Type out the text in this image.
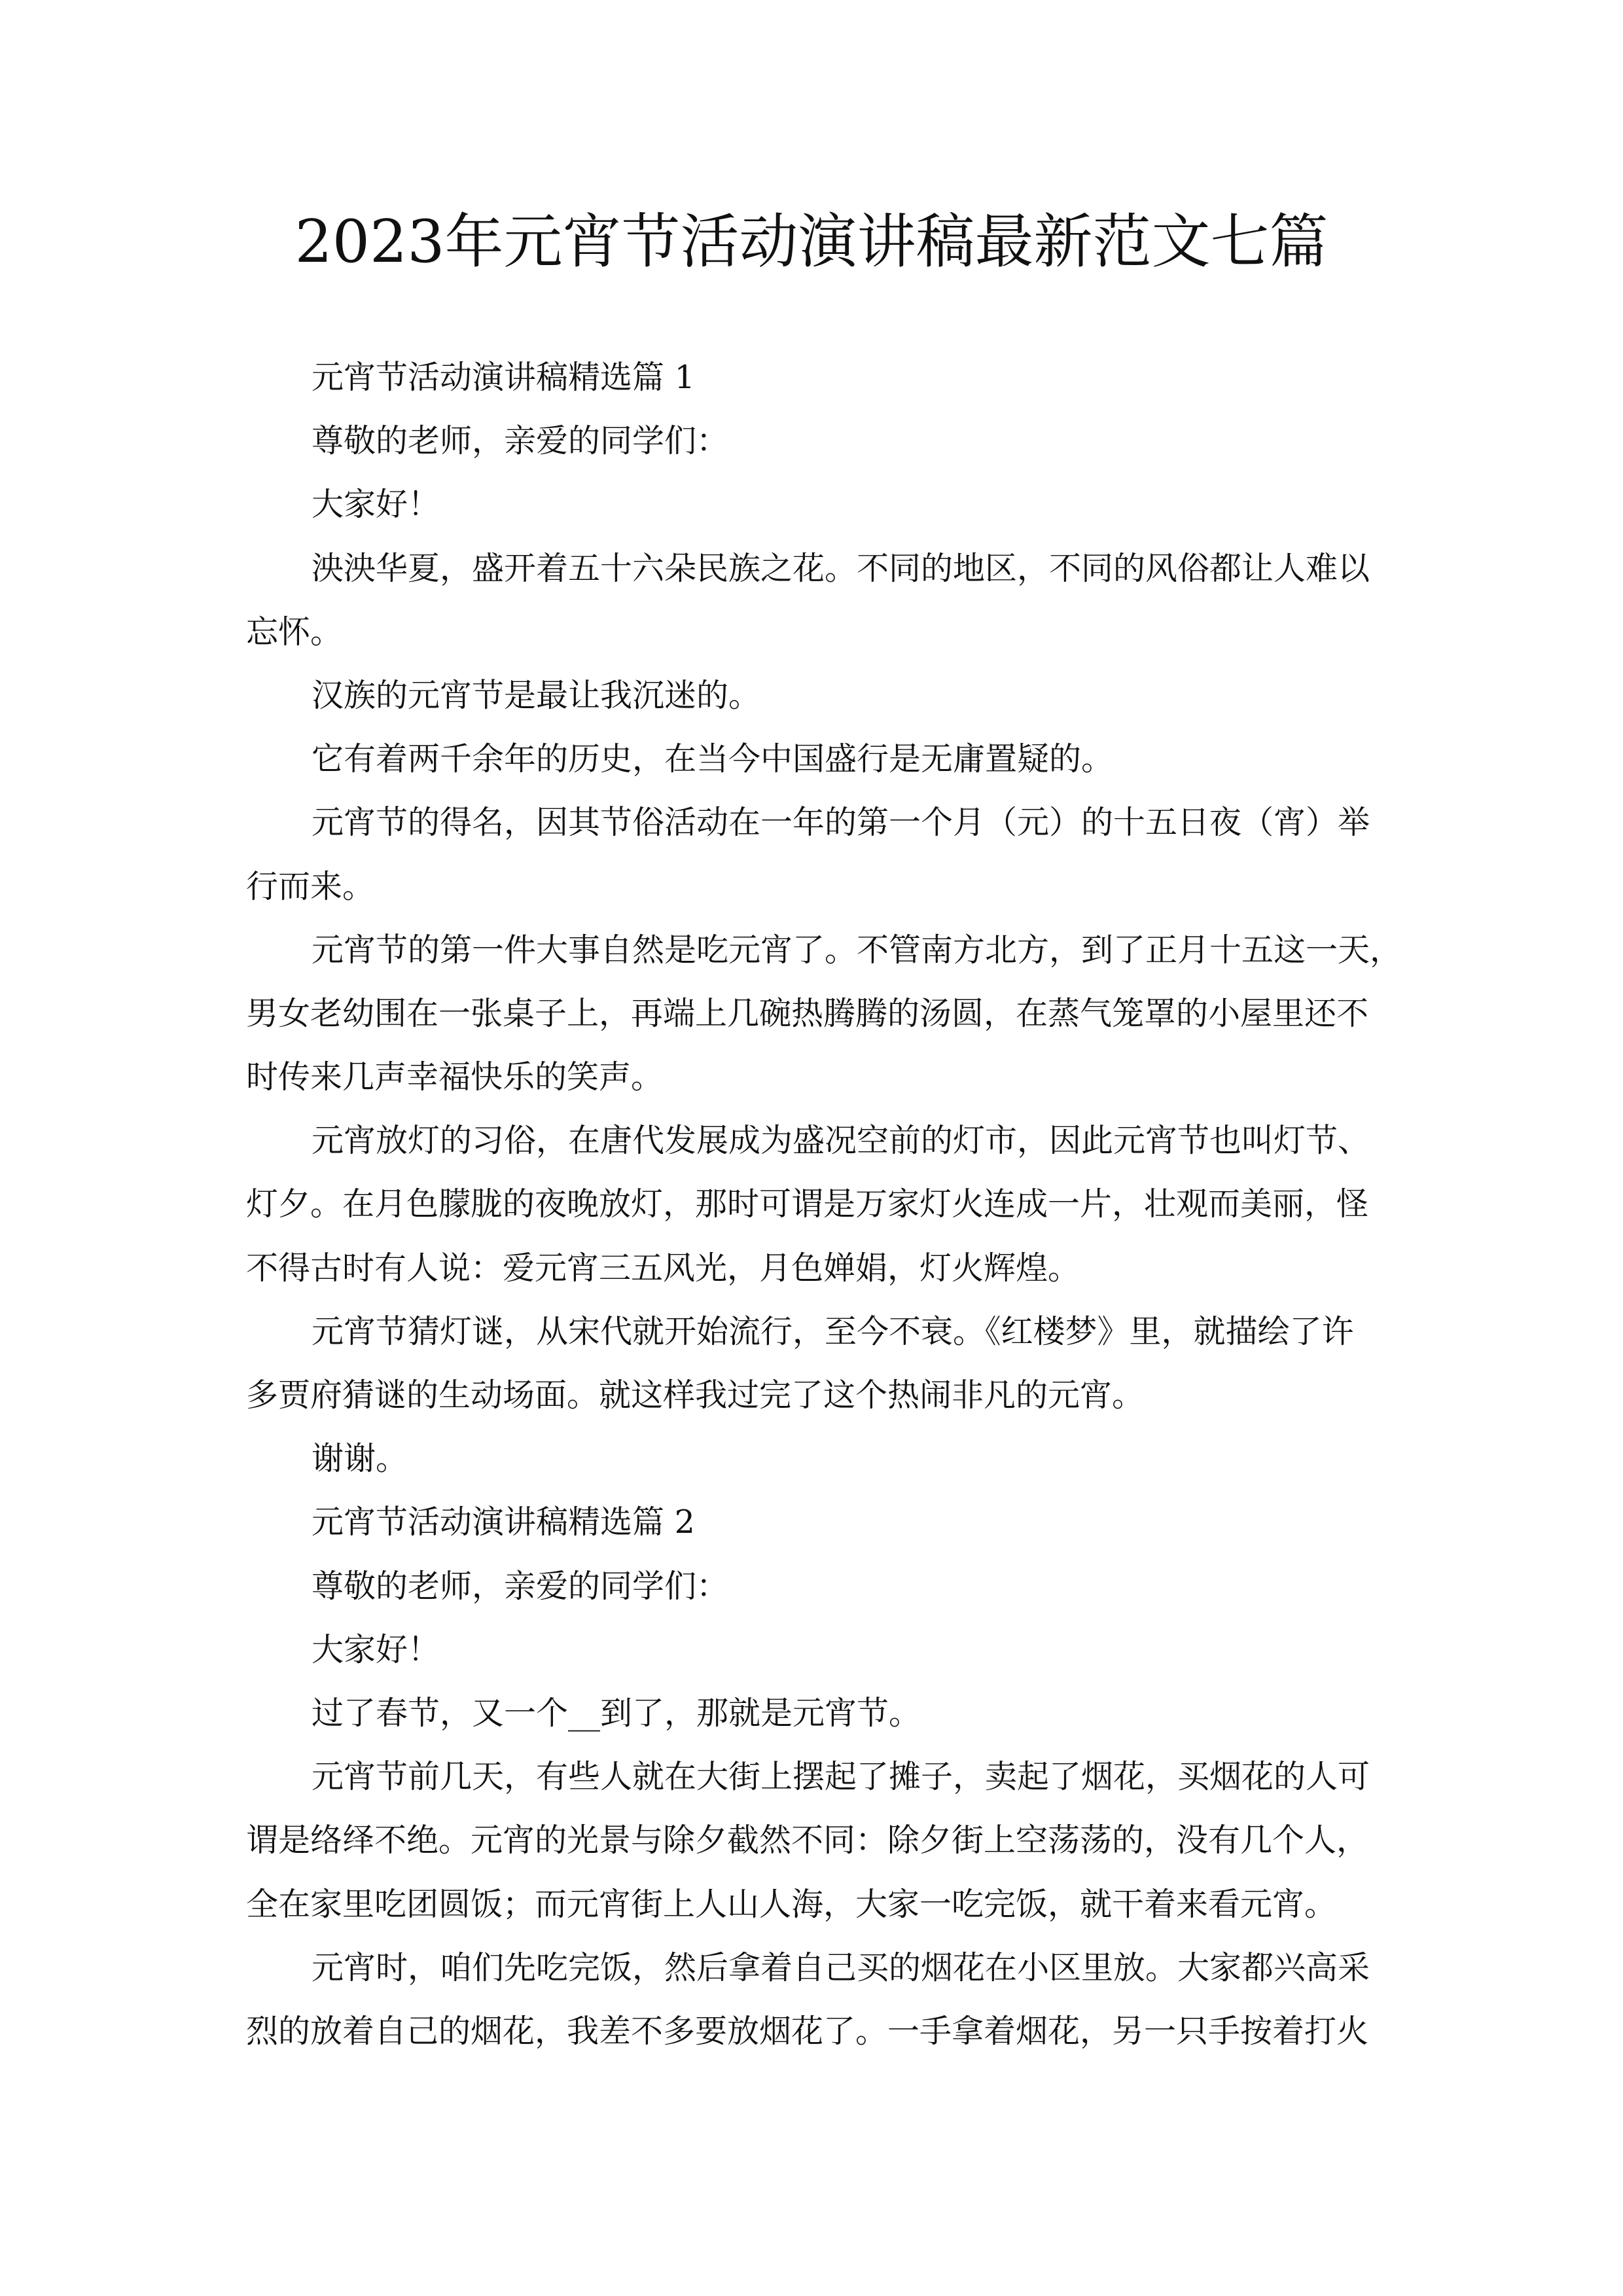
2023年元宵节活动演讲稿最新范文七篇
元宵节活动演讲稿精选篇 1
尊敬的老师，亲爱的同学们：
大家好！
泱泱华夏，盛开着五十六朵民族之花。不同的地区，不同的风俗都让人难以
忘怀。
汉族的元宵节是最让我沉迷的。
它有着两千余年的历史，在当今中国盛行是无庸置疑的。
元宵节的得名，因其节俗活动在一年的第一个月（元）的十五日夜（宵）举
行而来。
元宵节的第一件大事自然是吃元宵了。不管南方北方，到了正月十五这一天，
男女老幼围在一张桌子上，再端上几碗热腾腾的汤圆，在蒸气笼罩的小屋里还不
时传来几声幸福快乐的笑声。
元宵放灯的习俗，在唐代发展成为盛况空前的灯市，因此元宵节也叫灯节、
灯夕。在月色朦胧的夜晚放灯，那时可谓是万家灯火连成一片，壮观而美丽，怪
不得古时有人说：爱元宵三五风光，月色婵娟，灯火辉煌。
元宵节猜灯谜，从宋代就开始流行，至今不衰。《红楼梦》里，就描绘了许
多贾府猜谜的生动场面。就这样我过完了这个热闹非凡的元宵。
谢谢。
元宵节活动演讲稿精选篇 2
尊敬的老师，亲爱的同学们：
大家好！
过了春节，又一个__到了，那就是元宵节。
元宵节前几天，有些人就在大街上摆起了摊子，卖起了烟花，买烟花的人可
谓是络绎不绝。元宵的光景与除夕截然不同：除夕街上空荡荡的，没有几个人，
全在家里吃团圆饭；而元宵街上人山人海，大家一吃完饭，就干着来看元宵。
元宵时，咱们先吃完饭，然后拿着自己买的烟花在小区里放。大家都兴高采
烈的放着自己的烟花，我差不多要放烟花了。一手拿着烟花，另一只手按着打火
